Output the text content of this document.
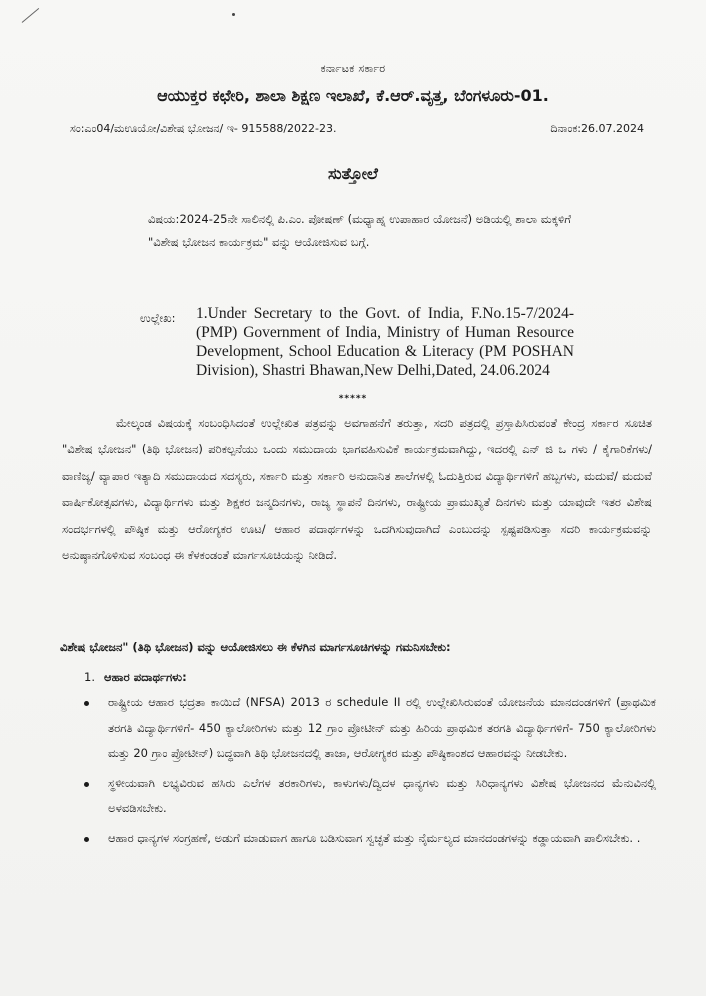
ಕರ್ನಾಟಕ ಸರ್ಕಾರ
ಆಯುಕ್ತರ ಕಛೇರಿ, ಶಾಲಾ ಶಿಕ್ಷಣ ಇಲಾಖೆ, ಕೆ.ಆರ್.ವೃತ್ತ, ಬೆಂಗಳೂರು-01.
ಸಂ:ಎಂ04/ಮಊಯೋ/ವಿಶೇಷ ಭೋಜನ/ ಇ- 915588/2022-23.	ದಿನಾಂಕ:26.07.2024
ಸುತ್ತೋಲೆ
ವಿಷಯ:2024-25ನೇ ಸಾಲಿನಲ್ಲಿ ಪಿ.ಎಂ. ಪೋಷಣ್ (ಮಧ್ಯಾಹ್ನ ಉಪಾಹಾರ ಯೋಜನೆ) ಅಡಿಯಲ್ಲಿ ಶಾಲಾ ಮಕ್ಕಳಿಗೆ "ವಿಶೇಷ ಭೋಜನ ಕಾರ್ಯಕ್ರಮ" ವನ್ನು ಆಯೋಜಿಸುವ ಬಗ್ಗೆ.
ಉಲ್ಲೇಖ: 1.Under Secretary to the Govt. of India, F.No.15-7/2024-(PMP) Government of India, Ministry of Human Resource Development, School Education & Literacy (PM POSHAN Division), Shastri Bhawan,New Delhi,Dated, 24.06.2024
*****
ಮೇಲ್ಕಂಡ ವಿಷಯಕ್ಕೆ ಸಂಬಂಧಿಸಿದಂತೆ ಉಲ್ಲೇಖಿತ ಪತ್ರವನ್ನು ಅವಗಾಹನೆಗೆ ತರುತ್ತಾ, ಸದರಿ ಪತ್ರದಲ್ಲಿ ಪ್ರಸ್ತಾಪಿಸಿರುವಂತೆ ಕೇಂದ್ರ ಸರ್ಕಾರ ಸೂಚಿತ "ವಿಶೇಷ ಭೋಜನ" (ತಿಥಿ ಭೋಜನ) ಪರಿಕಲ್ಪನೆಯು ಒಂದು ಸಮುದಾಯ ಭಾಗವಹಿಸುವಿಕೆ ಕಾರ್ಯಕ್ರಮವಾಗಿದ್ದು, ಇದರಲ್ಲಿ ಎನ್ ಜಿ ಒ ಗಳು / ಕೈಗಾರಿಕೆಗಳು/ ವಾಣಿಜ್ಯ/ ವ್ಯಾಪಾರ ಇತ್ಯಾದಿ ಸಮುದಾಯದ ಸದಸ್ಯರು, ಸರ್ಕಾರಿ ಮತ್ತು ಸರ್ಕಾರಿ ಅನುದಾನಿತ ಶಾಲೆಗಳಲ್ಲಿ ಓದುತ್ತಿರುವ ವಿದ್ಯಾರ್ಥಿಗಳಿಗೆ ಹಬ್ಬಗಳು, ಮದುವೆ/ ಮದುವೆ ವಾರ್ಷಿಕೋತ್ಸವಗಳು, ವಿದ್ಯಾರ್ಥಿಗಳು ಮತ್ತು ಶಿಕ್ಷಕರ ಜನ್ಮದಿನಗಳು, ರಾಜ್ಯ ಸ್ಥಾಪನೆ ದಿನಗಳು, ರಾಷ್ಟ್ರೀಯ ಪ್ರಾಮುಖ್ಯತೆ ದಿನಗಳು ಮತ್ತು ಯಾವುದೇ ಇತರ ವಿಶೇಷ ಸಂದರ್ಭಗಳಲ್ಲಿ ಪೌಷ್ಠಿಕ ಮತ್ತು ಆರೋಗ್ಯಕರ ಊಟ/ ಆಹಾರ ಪದಾರ್ಥಗಳನ್ನು ಒದಗಿಸುವುದಾಗಿದೆ ಎಂಬುದನ್ನು ಸ್ಪಷ್ಟಪಡಿಸುತ್ತಾ ಸದರಿ ಕಾರ್ಯಕ್ರಮವನ್ನು ಅನುಷ್ಠಾನಗೊಳಿಸುವ ಸಂಬಂಧ ಈ ಕೆಳಕಂಡಂತೆ ಮಾರ್ಗಸೂಚಿಯನ್ನು ನೀಡಿದೆ.
ವಿಶೇಷ ಭೋಜನ" (ತಿಥಿ ಭೋಜನ) ವನ್ನು ಆಯೋಜಿಸಲು ಈ ಕೆಳಗಿನ ಮಾರ್ಗಸೂಚಿಗಳನ್ನು ಗಮನಿಸಬೇಕು:
1. ಆಹಾರ ಪದಾರ್ಥಗಳು:
ರಾಷ್ಟ್ರೀಯ ಆಹಾರ ಭದ್ರತಾ ಕಾಯಿದೆ (NFSA) 2013 ರ schedule II ರಲ್ಲಿ ಉಲ್ಲೇಖಿಸಿರುವಂತೆ ಯೋಜನೆಯ ಮಾನದಂಡಗಳಿಗೆ (ಪ್ರಾಥಮಿಕ ತರಗತಿ ವಿದ್ಯಾರ್ಥಿಗಳಿಗೆ- 450 ಕ್ಯಾಲೋರಿಗಳು ಮತ್ತು 12 ಗ್ರಾಂ ಪ್ರೋಟೀನ್ ಮತ್ತು ಹಿರಿಯ ಪ್ರಾಥಮಿಕ ತರಗತಿ ವಿದ್ಯಾರ್ಥಿಗಳಿಗೆ- 750 ಕ್ಯಾಲೋರಿಗಳು ಮತ್ತು 20 ಗ್ರಾಂ ಪ್ರೋಟೀನ್) ಬದ್ಧವಾಗಿ ತಿಥಿ ಭೋಜನದಲ್ಲಿ ತಾಜಾ, ಆರೋಗ್ಯಕರ ಮತ್ತು ಪೌಷ್ಠಿಕಾಂಶದ ಆಹಾರವನ್ನು ನೀಡಬೇಕು.
ಸ್ಥಳೀಯವಾಗಿ ಲಭ್ಯವಿರುವ ಹಸಿರು ಎಲೆಗಳ ತರಕಾರಿಗಳು, ಕಾಳುಗಳು/ದ್ವಿದಳ ಧಾನ್ಯಗಳು ಮತ್ತು ಸಿರಿಧಾನ್ಯಗಳು ವಿಶೇಷ ಭೋಜನದ ಮೆನುವಿನಲ್ಲಿ ಅಳವಡಿಸಬೇಕು.
ಆಹಾರ ಧಾನ್ಯಗಳ ಸಂಗ್ರಹಣೆ, ಅಡುಗೆ ಮಾಡುವಾಗ ಹಾಗೂ ಬಡಿಸುವಾಗ ಸ್ವಚ್ಛತೆ ಮತ್ತು ನೈರ್ಮಲ್ಯದ ಮಾನದಂಡಗಳನ್ನು ಕಡ್ಡಾಯವಾಗಿ ಪಾಲಿಸಬೇಕು. .
